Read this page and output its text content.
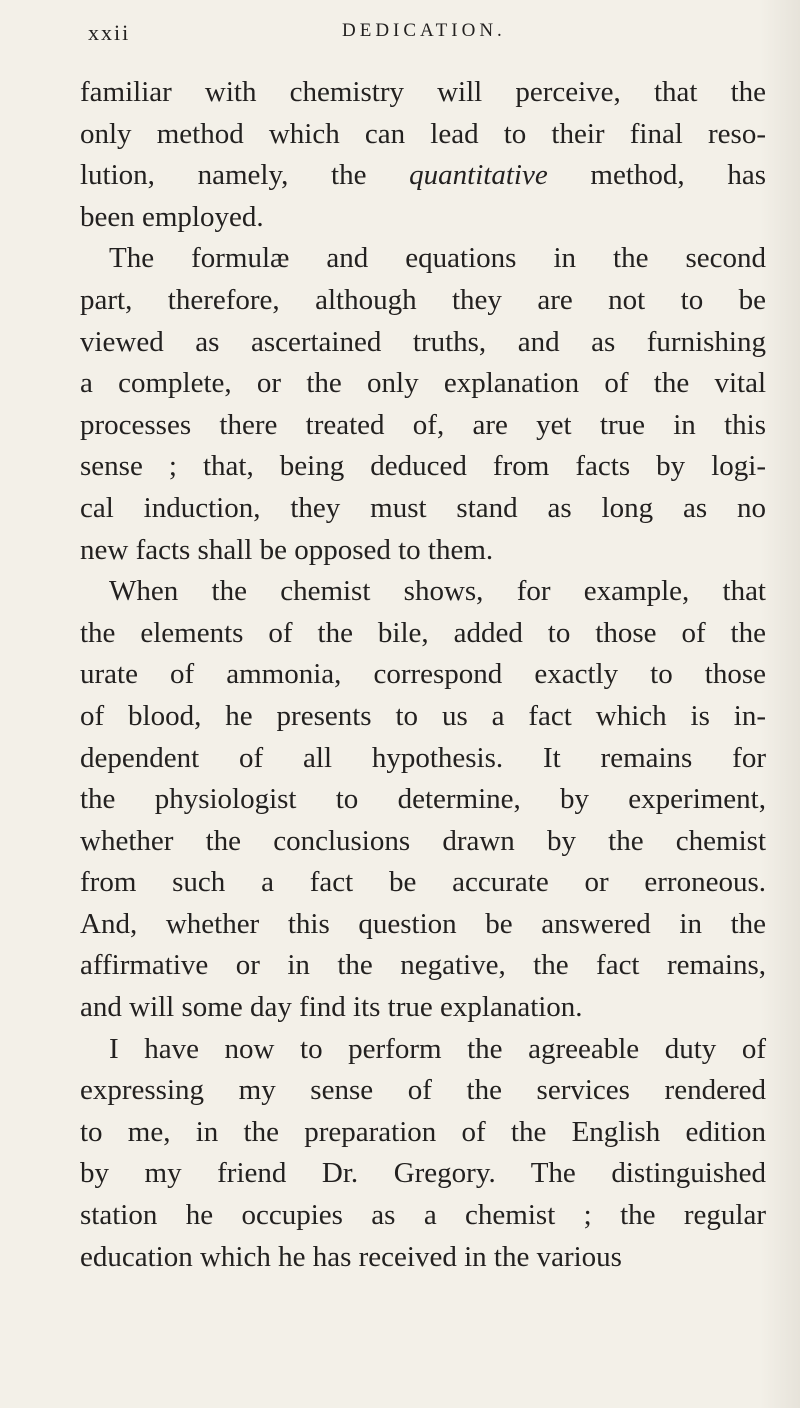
xxii	DEDICATION.
familiar with chemistry will perceive, that the
only method which can lead to their final reso-
lution, namely, the quantitative method, has
been employed.
The formulæ and equations in the second
part, therefore, although they are not to be
viewed as ascertained truths, and as furnishing
a complete, or the only explanation of the vital
processes there treated of, are yet true in this
sense ; that, being deduced from facts by logi-
cal induction, they must stand as long as no
new facts shall be opposed to them.
When the chemist shows, for example, that
the elements of the bile, added to those of the
urate of ammonia, correspond exactly to those
of blood, he presents to us a fact which is in-
dependent of all hypothesis. It remains for
the physiologist to determine, by experiment,
whether the conclusions drawn by the chemist
from such a fact be accurate or erroneous.
And, whether this question be answered in the
affirmative or in the negative, the fact remains,
and will some day find its true explanation.
I have now to perform the agreeable duty of
expressing my sense of the services rendered
to me, in the preparation of the English edition
by my friend Dr. Gregory. The distinguished
station he occupies as a chemist ; the regular
education which he has received in the various
